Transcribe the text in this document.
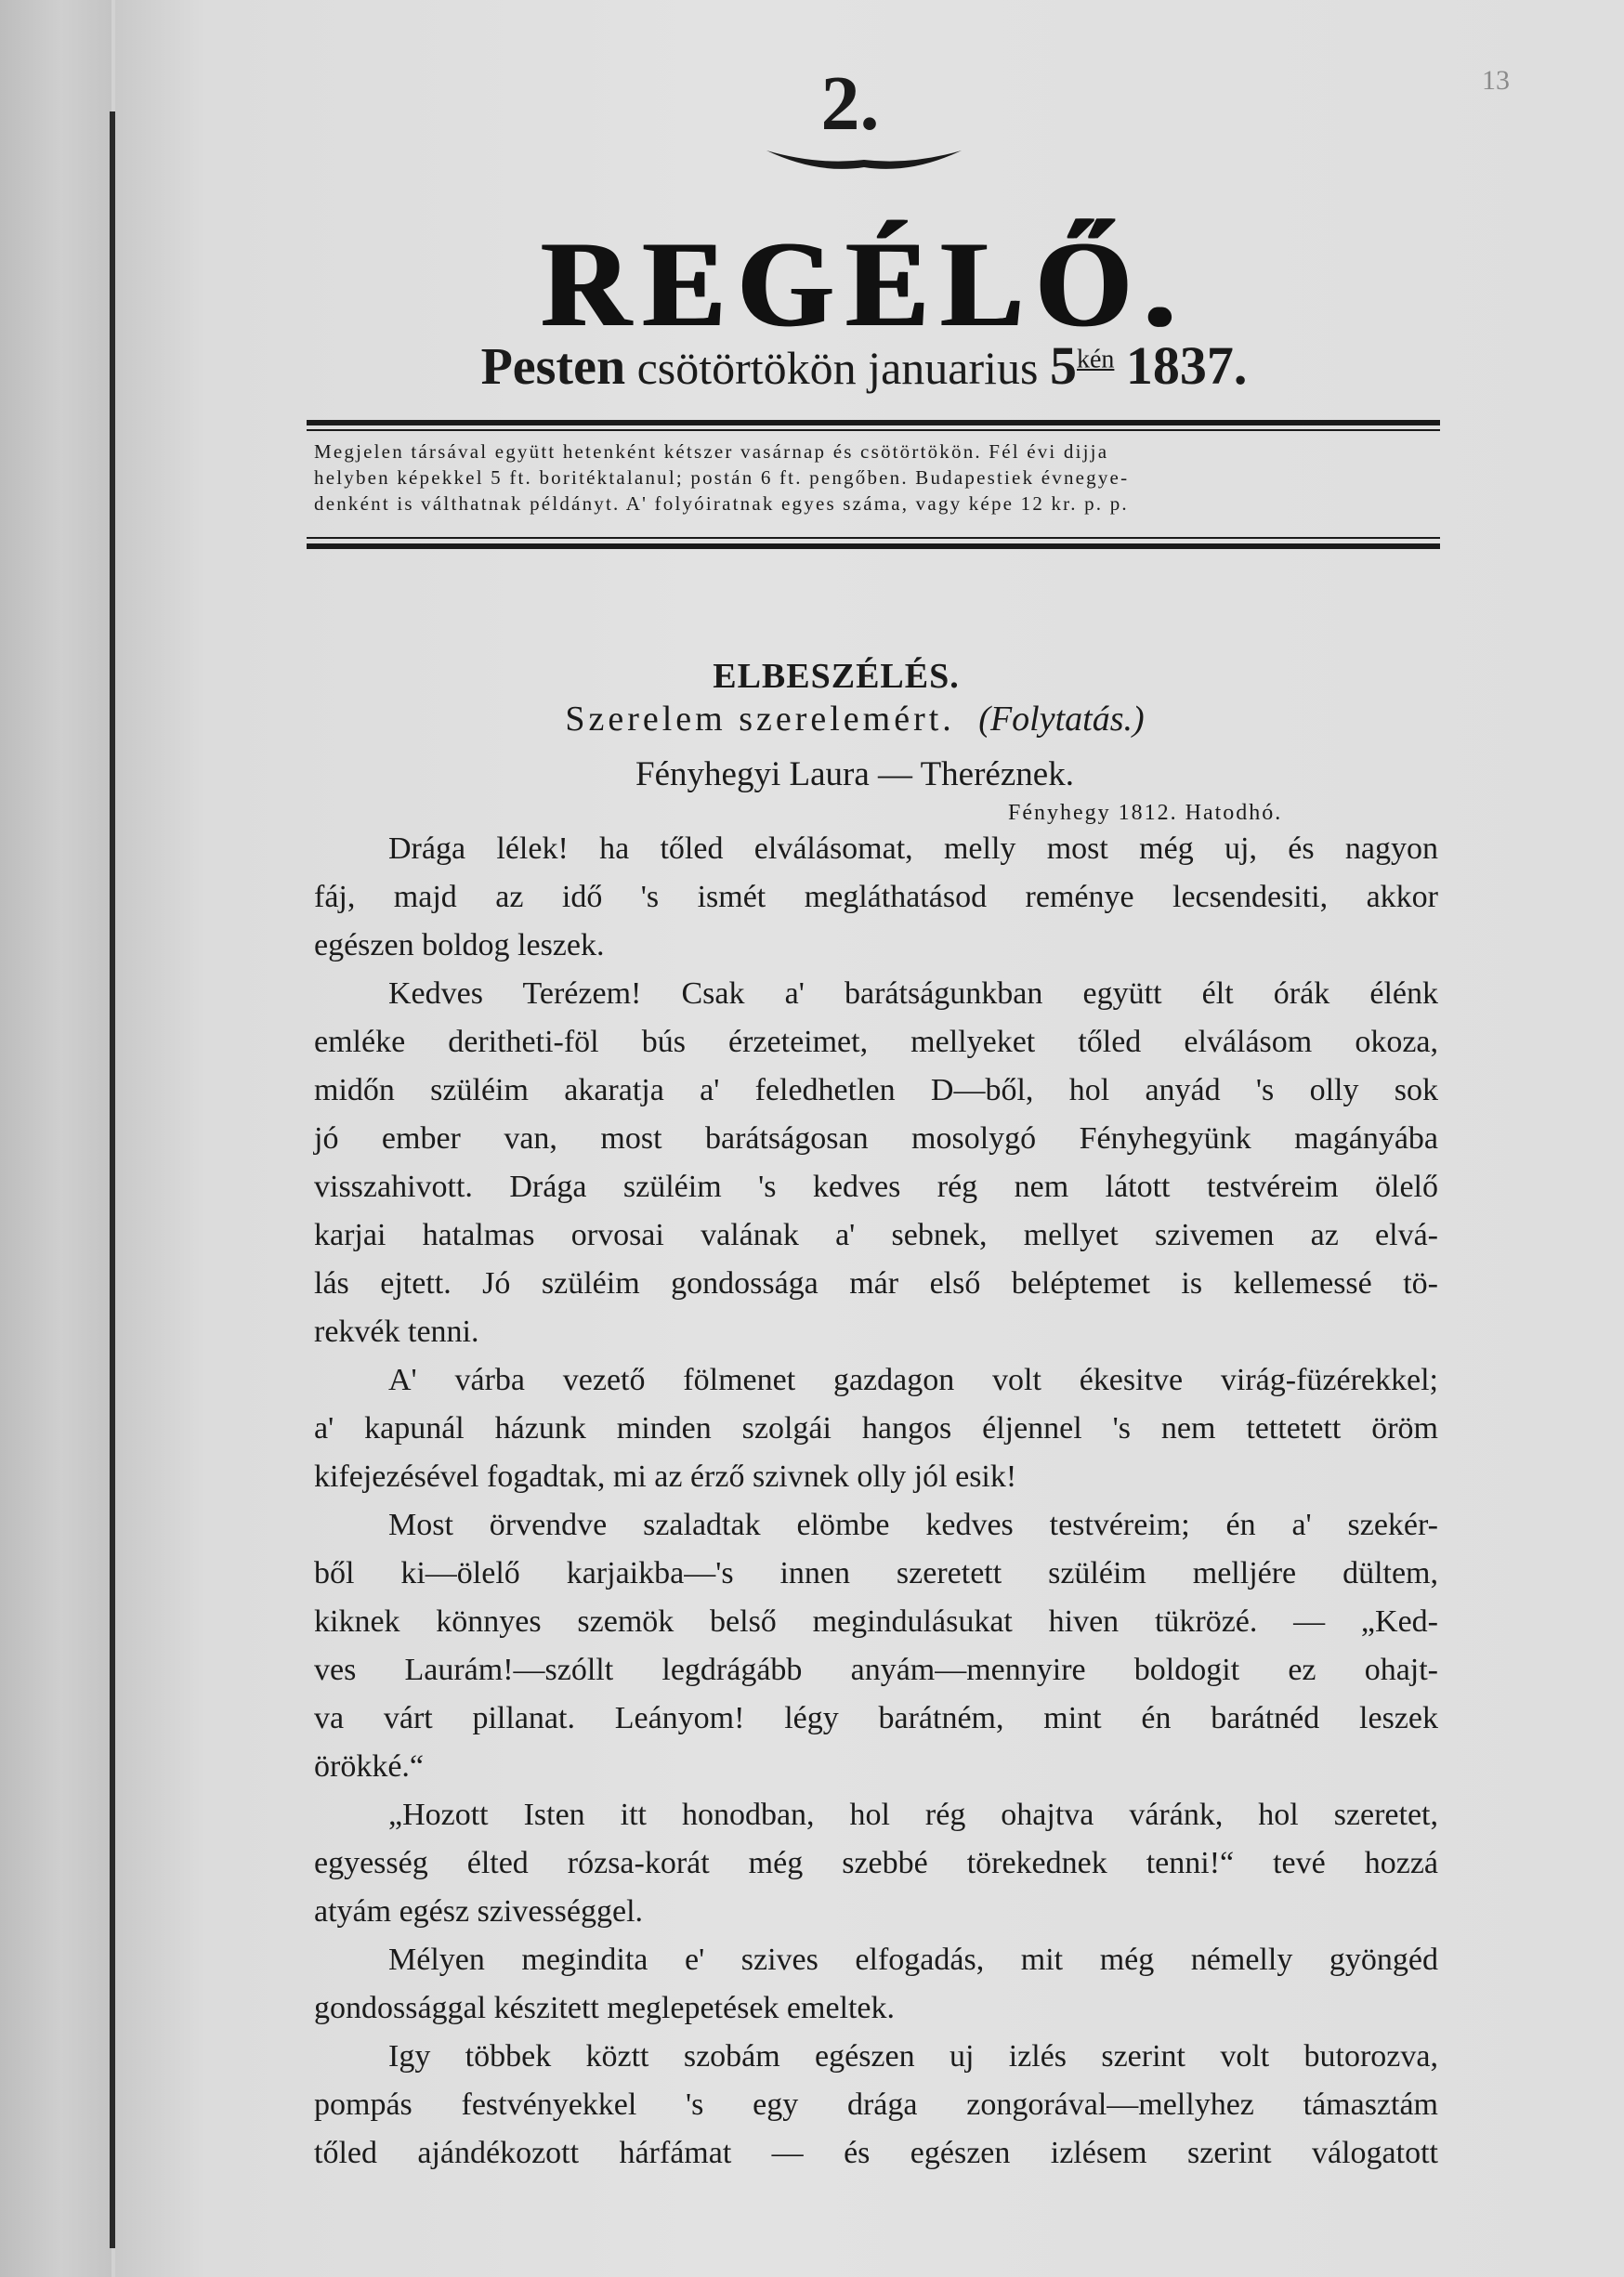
13
2.
REGÉLŐ.
Pesten csötörtökön januarius $5^{kén}$ 1837.
Megjelen társával együtt hetenként kétszer vasárnap és csötörtökön. Fél évi dijja
helyben képekkel 5 ft. boritéktalanul; postán 6 ft. pengőben. Budapestiek évnegye-
denként is válthatnak példányt. A' folyóiratnak egyes száma, vagy képe 12 kr. p. p.
ELBESZÉLÉS.
Szerelem szerelemért. (Folytatás.)
Fényhegyi Laura — Theréznek.
Fényhegy 1812. Hatodhó.
Drága lélek! ha tőled elválásomat, melly most még uj, és nagyon
fáj, majd az idő 's ismét megláthatásod reménye lecsendesiti, akkor
egészen boldog leszek.
Kedves Terézem! Csak a' barátságunkban együtt élt órák élénk
emléke deritheti-föl bús érzeteimet, mellyeket tőled elválásom okoza,
midőn szüléim akaratja a' feledhetlen D—ből, hol anyád 's olly sok
jó ember van, most barátságosan mosolygó Fényhegyünk magányába
visszahivott. Drága szüléim 's kedves rég nem látott testvéreim ölelő
karjai hatalmas orvosai valának a' sebnek, mellyet szivemen az elvá-
lás ejtett. Jó szüléim gondossága már első beléptemet is kellemessé tö-
rekvék tenni.
A' várba vezető fölmenet gazdagon volt ékesitve virág-füzérekkel;
a' kapunál házunk minden szolgái hangos éljennel 's nem tettetett öröm
kifejezésével fogadtak, mi az érző szivnek olly jól esik!
Most örvendve szaladtak elömbe kedves testvéreim; én a' szekér-
ből ki—ölelő karjaikba—'s innen szeretett szüléim melljére dültem,
kiknek könnyes szemök belső megindulásukat hiven tükrözé. — „Ked-
ves Laurám!—szóllt legdrágább anyám—mennyire boldogit ez ohajt-
va várt pillanat. Leányom! légy barátném, mint én barátnéd leszek
örökké.“
„Hozott Isten itt honodban, hol rég ohajtva váránk, hol szeretet,
egyesség élted rózsa-korát még szebbé törekednek tenni!“ tevé hozzá
atyám egész szivességgel.
Mélyen megindita e' szives elfogadás, mit még némelly gyöngéd
gondossággal készitett meglepetések emeltek.
Igy többek köztt szobám egészen uj izlés szerint volt butorozva,
pompás festvényekkel 's egy drága zongorával—mellyhez támasztám
tőled ajándékozott hárfámat — és egészen izlésem szerint válogatott
